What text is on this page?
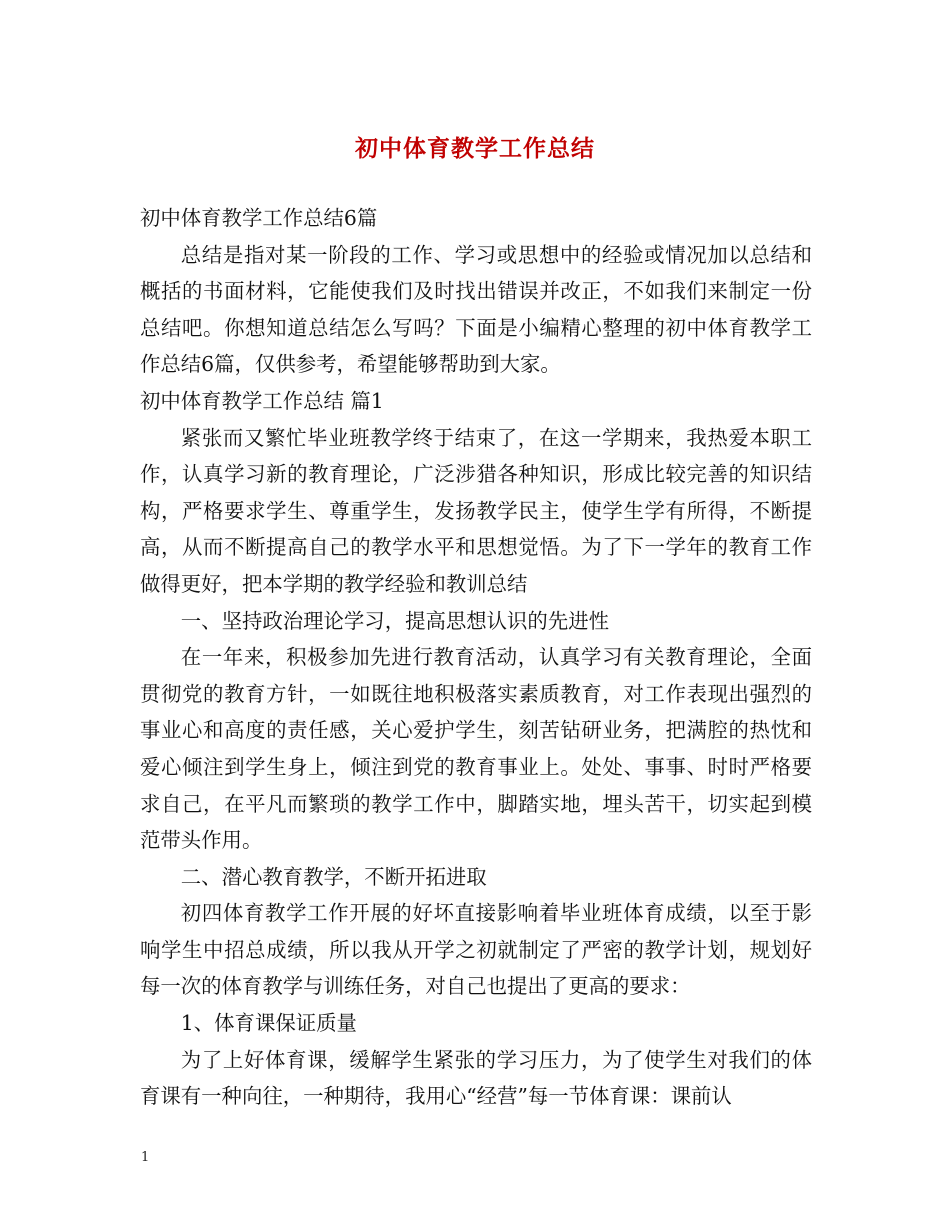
初中体育教学工作总结

初中体育教学工作总结6篇

总结是指对某一阶段的工作、学习或思想中的经验或情况加以总结和概括的书面材料，它能使我们及时找出错误并改正，不如我们来制定一份总结吧。你想知道总结怎么写吗？下面是小编精心整理的初中体育教学工作总结6篇，仅供参考，希望能够帮助到大家。

初中体育教学工作总结 篇1

紧张而又繁忙毕业班教学终于结束了，在这一学期来，我热爱本职工作，认真学习新的教育理论，广泛涉猎各种知识，形成比较完善的知识结构，严格要求学生、尊重学生，发扬教学民主，使学生学有所得，不断提高，从而不断提高自己的教学水平和思想觉悟。为了下一学年的教育工作做得更好，把本学期的教学经验和教训总结

一、坚持政治理论学习，提高思想认识的先进性

在一年来，积极参加先进行教育活动，认真学习有关教育理论，全面贯彻党的教育方针，一如既往地积极落实素质教育，对工作表现出强烈的事业心和高度的责任感，关心爱护学生，刻苦钻研业务，把满腔的热忱和爱心倾注到学生身上，倾注到党的教育事业上。处处、事事、时时严格要求自己，在平凡而繁琐的教学工作中，脚踏实地，埋头苦干，切实起到模范带头作用。

二、潜心教育教学，不断开拓进取

初四体育教学工作开展的好坏直接影响着毕业班体育成绩，以至于影响学生中招总成绩，所以我从开学之初就制定了严密的教学计划，规划好每一次的体育教学与训练任务，对自己也提出了更高的要求：

1、体育课保证质量

为了上好体育课，缓解学生紧张的学习压力，为了使学生对我们的体育课有一种向往，一种期待，我用心“经营”每一节体育课：课前认

1
